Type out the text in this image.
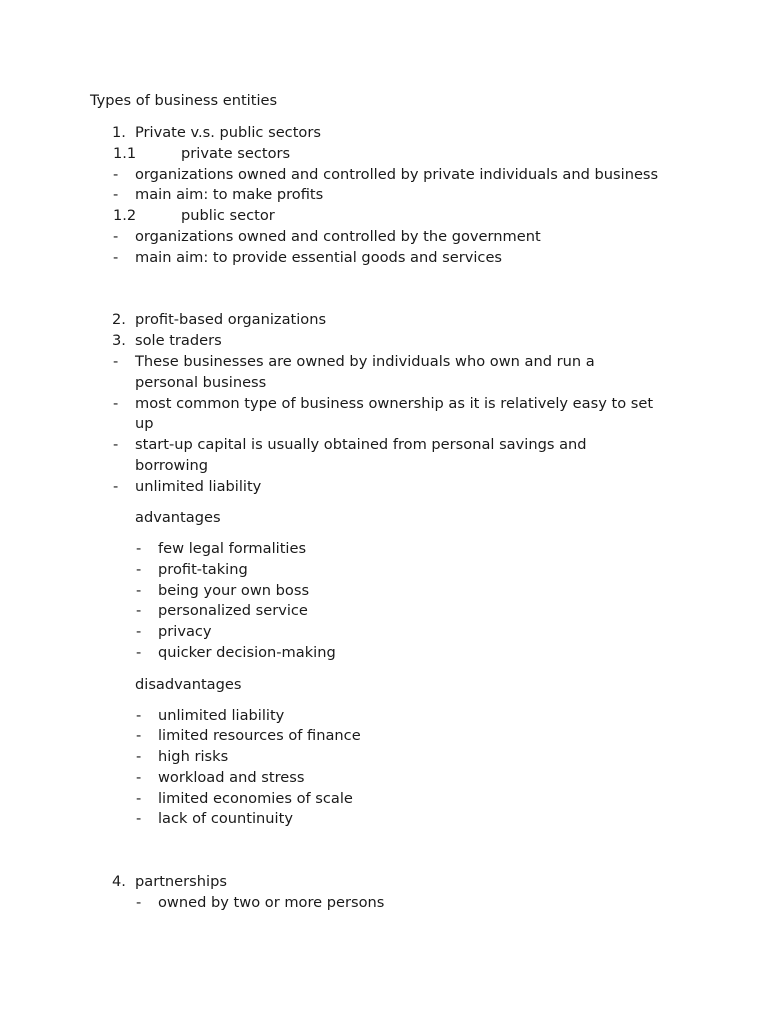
Types of business entities
1. Private v.s. public sectors
1.1	private sectors
- organizations owned and controlled by private individuals and business
- main aim: to make profits
1.2	public sector
- organizations owned and controlled by the government
- main aim: to provide essential goods and services
2. profit-based organizations
3. sole traders
- These businesses are owned by individuals who own and run a
personal business
- most common type of business ownership as it is relatively easy to set
up
- start-up capital is usually obtained from personal savings and
borrowing
- unlimited liability
advantages
- few legal formalities
- profit-taking
- being your own boss
- personalized service
- privacy
- quicker decision-making
disadvantages
- unlimited liability
- limited resources of finance
- high risks
- workload and stress
- limited economies of scale
- lack of countinuity
4. partnerships
- owned by two or more persons
